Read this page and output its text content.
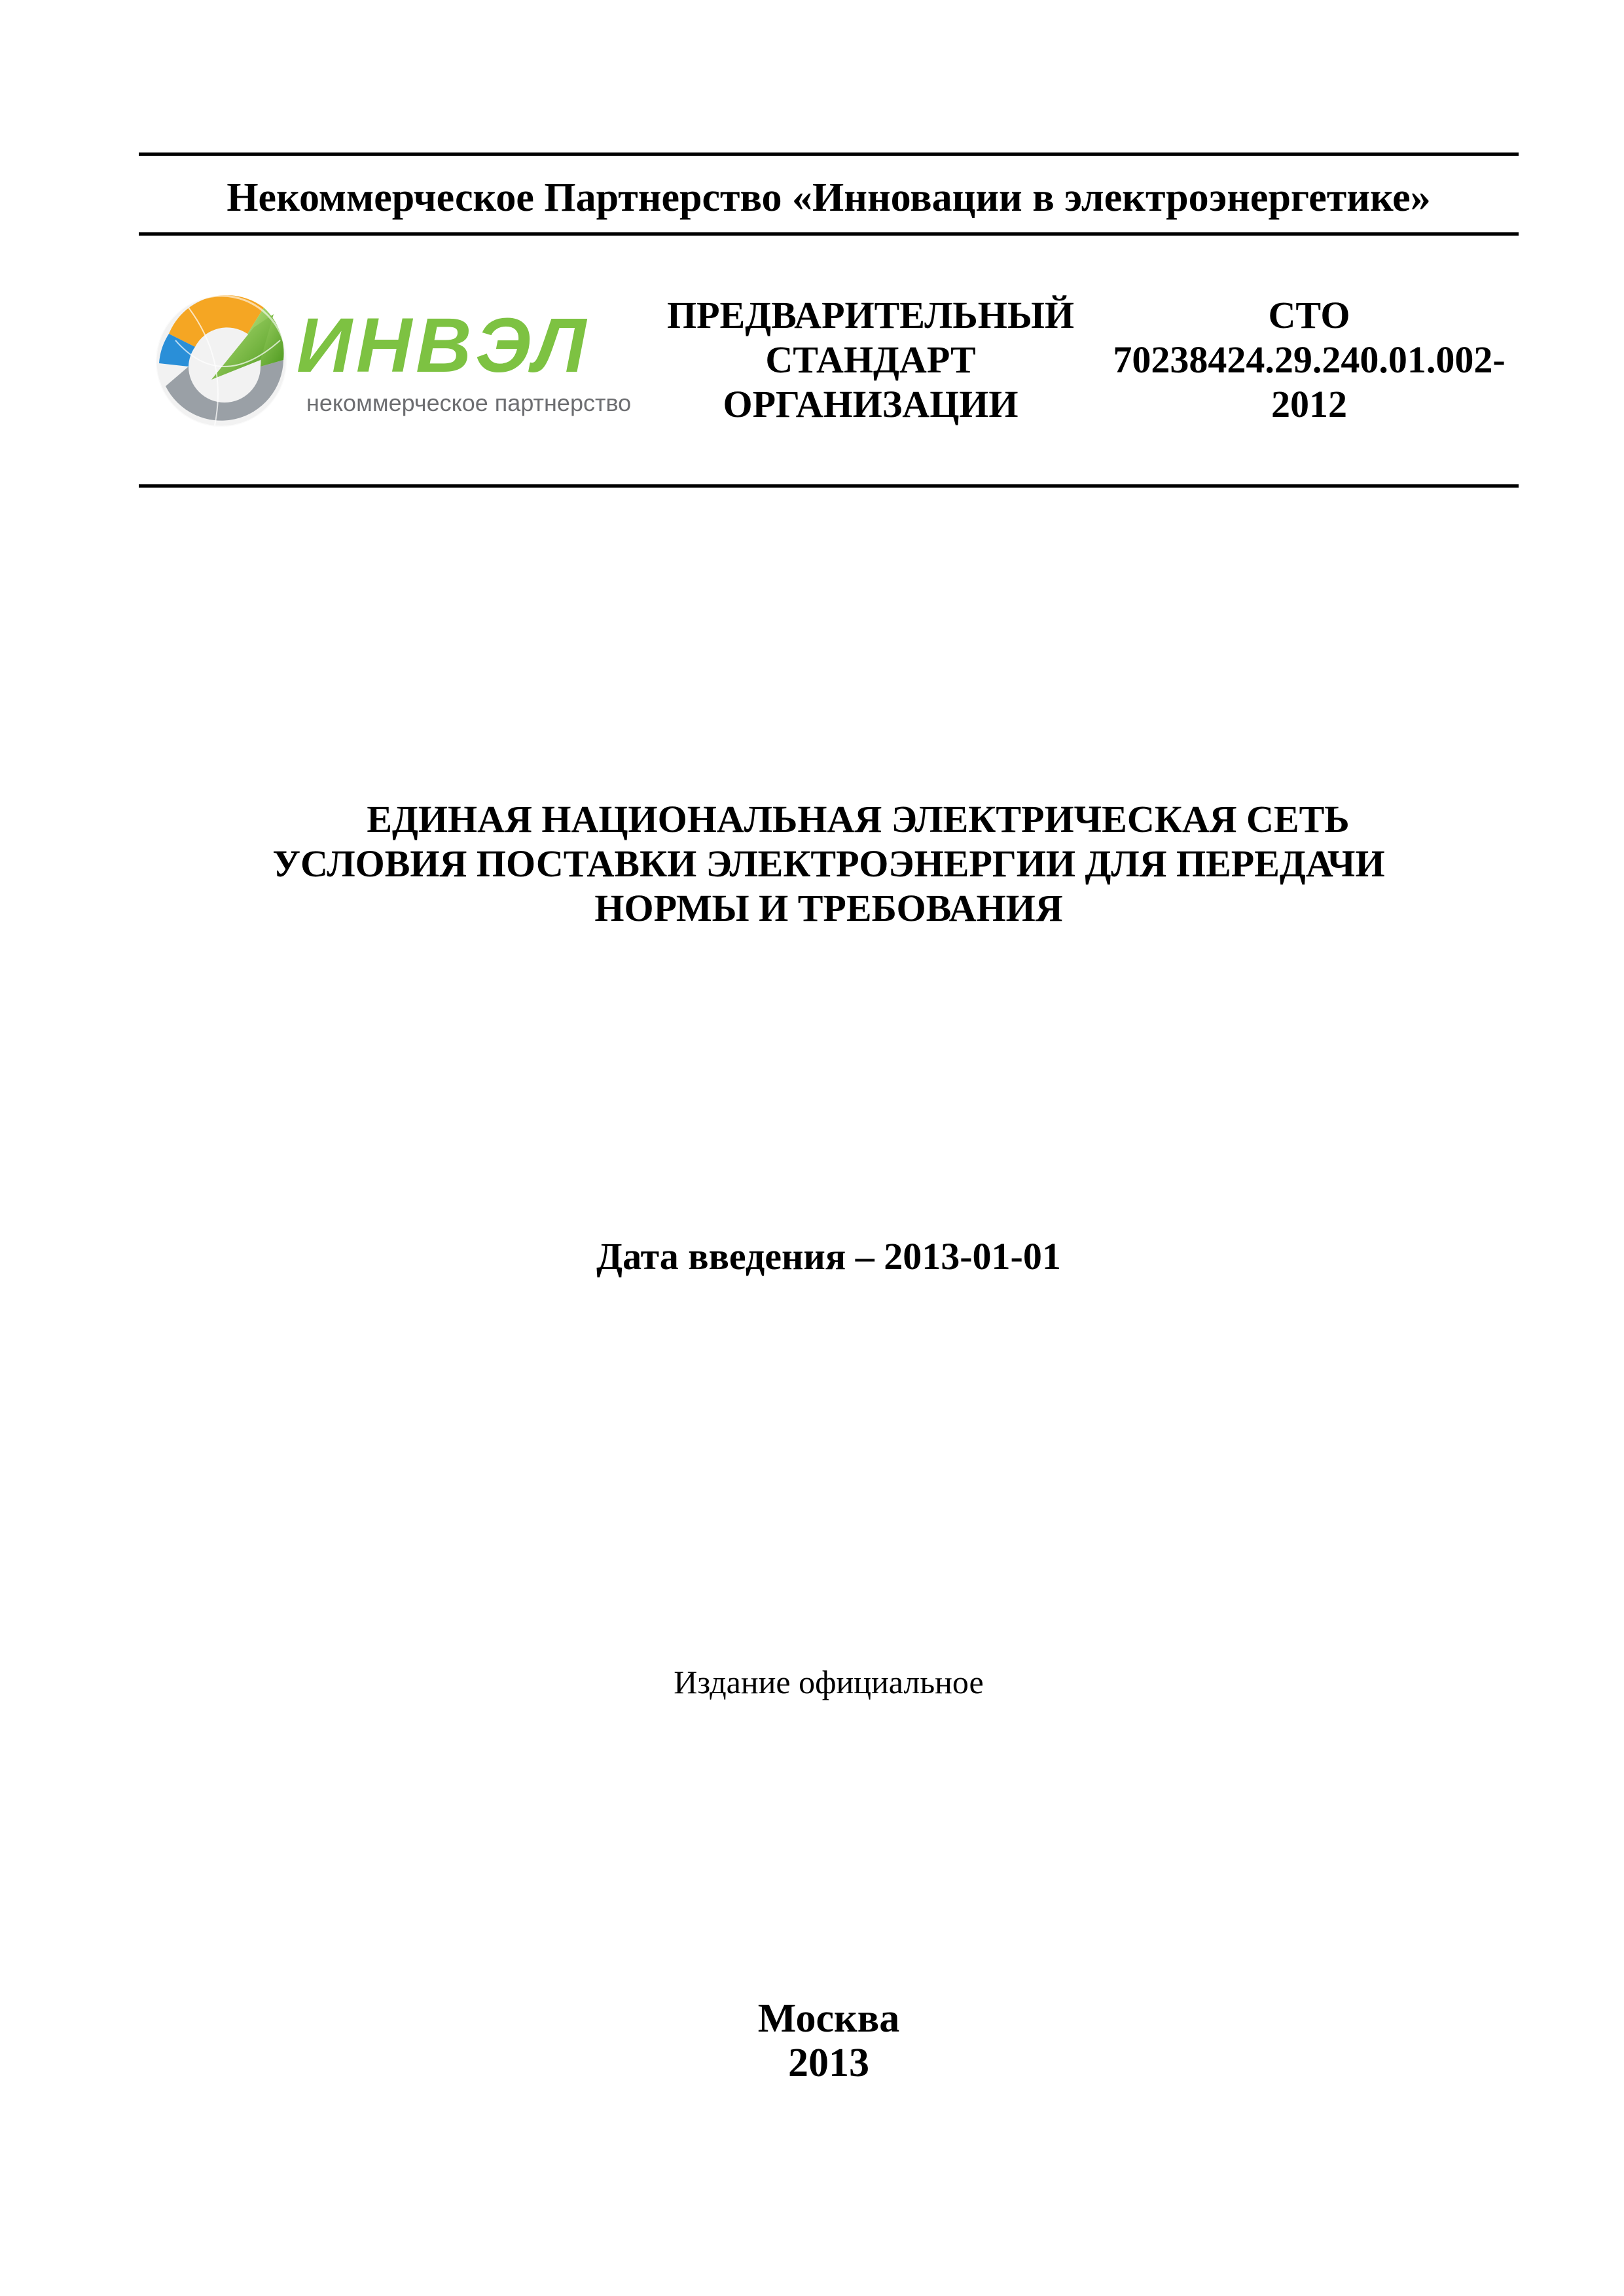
Некоммерческое Партнерство «Инновации в электроэнергетике»
ИНВЭЛ
некоммерческое партнерство
ПРЕДВАРИТЕЛЬНЫЙ
СТАНДАРТ
ОРГАНИЗАЦИИ
СТО
70238424.29.240.01.002-
2012
ЕДИНАЯ НАЦИОНАЛЬНАЯ ЭЛЕКТРИЧЕСКАЯ СЕТЬ
УСЛОВИЯ ПОСТАВКИ ЭЛЕКТРОЭНЕРГИИ ДЛЯ ПЕРЕДАЧИ
НОРМЫ И ТРЕБОВАНИЯ
Дата введения – 2013-01-01
Издание официальное
Москва
2013
